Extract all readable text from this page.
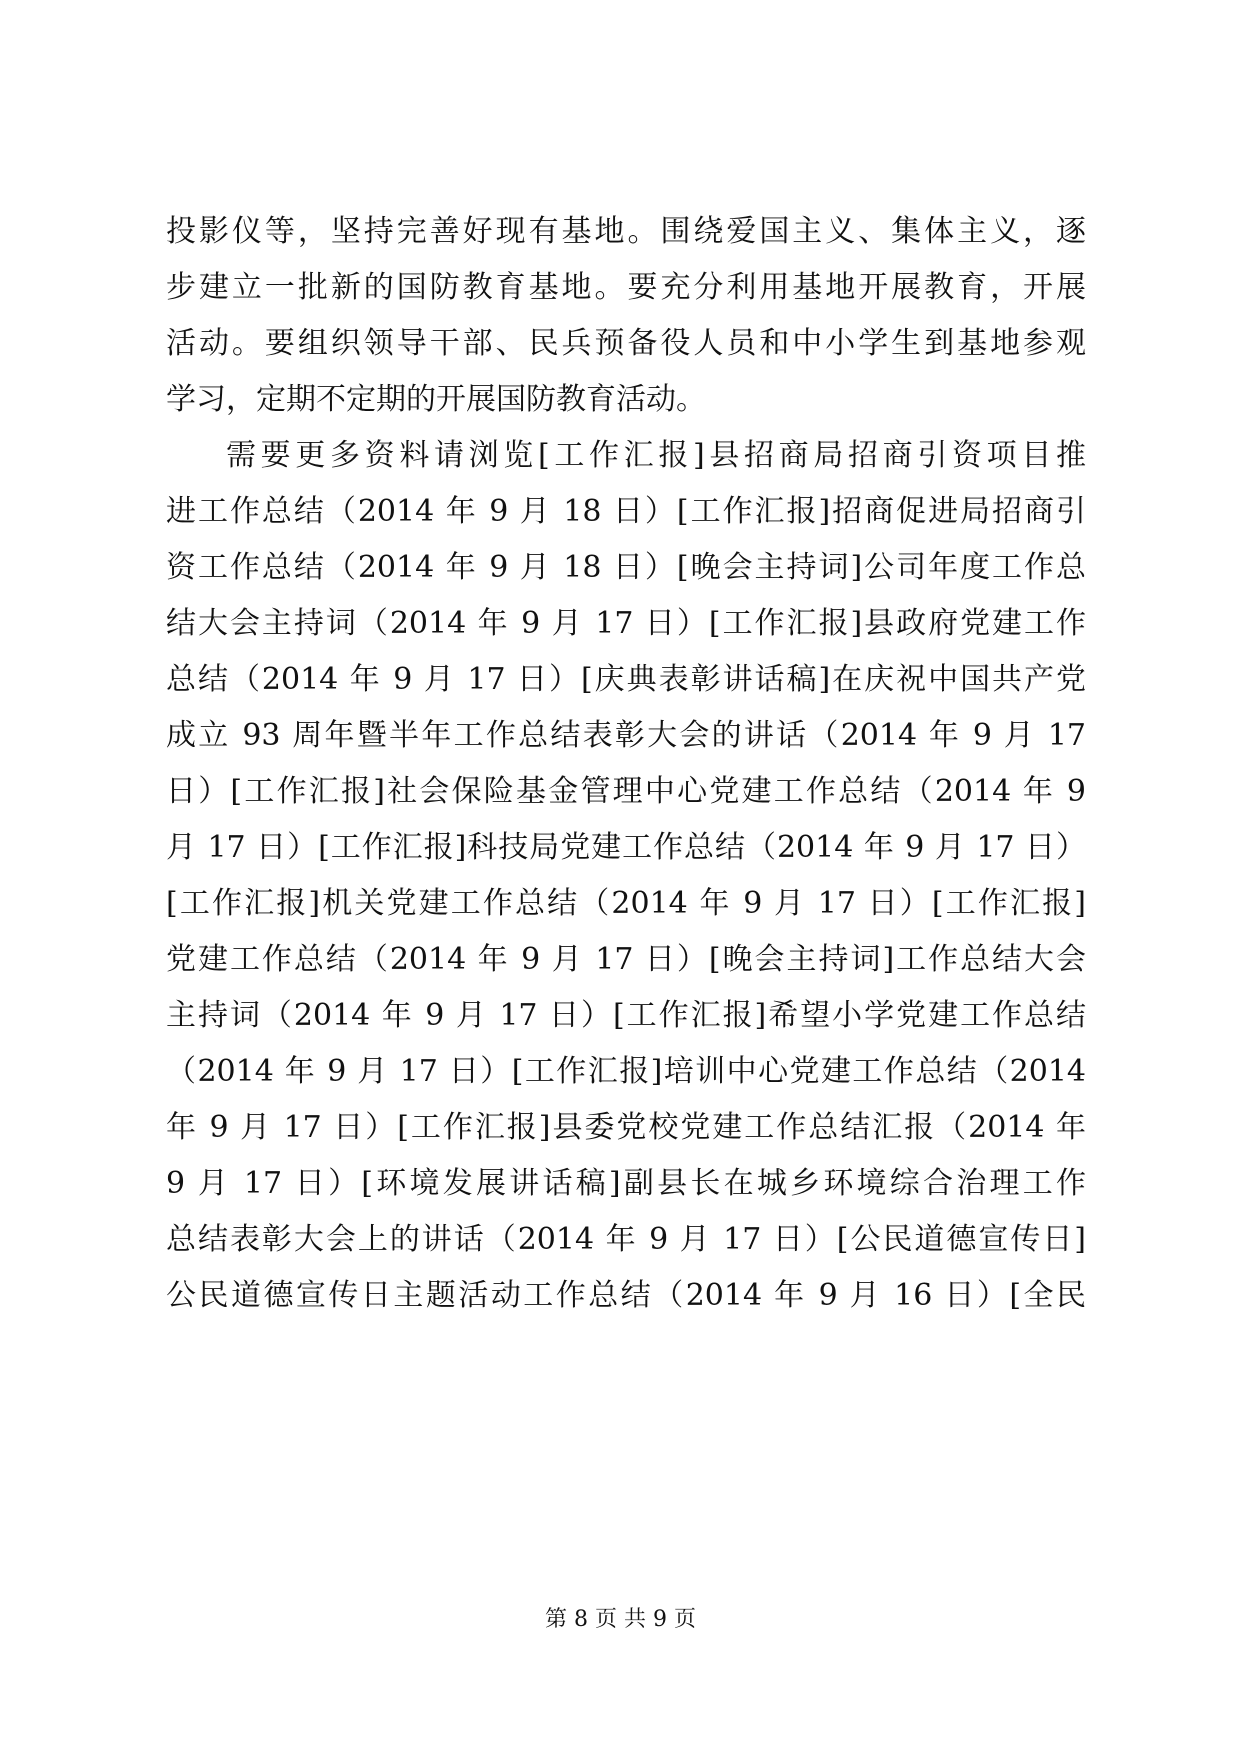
投影仪等，坚持完善好现有基地。围绕爱国主义、集体主义，逐
步建立一批新的国防教育基地。要充分利用基地开展教育，开展
活动。要组织领导干部、民兵预备役人员和中小学生到基地参观
学习，定期不定期的开展国防教育活动。
需要更多资料请浏览[工作汇报]县招商局招商引资项目推
进工作总结（2014 年 9 月 18 日）[工作汇报]招商促进局招商引
资工作总结（2014 年 9 月 18 日）[晚会主持词]公司年度工作总
结大会主持词（2014 年 9 月 17 日）[工作汇报]县政府党建工作
总结（2014 年 9 月 17 日）[庆典表彰讲话稿]在庆祝中国共产党
成立 93 周年暨半年工作总结表彰大会的讲话（2014 年 9 月 17
日）[工作汇报]社会保险基金管理中心党建工作总结（2014 年 9
月 17 日）[工作汇报]科技局党建工作总结（2014 年 9 月 17 日）
[工作汇报]机关党建工作总结（2014 年 9 月 17 日）[工作汇报]
党建工作总结（2014 年 9 月 17 日）[晚会主持词]工作总结大会
主持词（2014 年 9 月 17 日）[工作汇报]希望小学党建工作总结
（2014 年 9 月 17 日）[工作汇报]培训中心党建工作总结（2014
年 9 月 17 日）[工作汇报]县委党校党建工作总结汇报（2014 年
9 月 17 日）[环境发展讲话稿]副县长在城乡环境综合治理工作
总结表彰大会上的讲话（2014 年 9 月 17 日）[公民道德宣传日]
公民道德宣传日主题活动工作总结（2014 年 9 月 16 日）[全民
第 8 页 共 9 页
